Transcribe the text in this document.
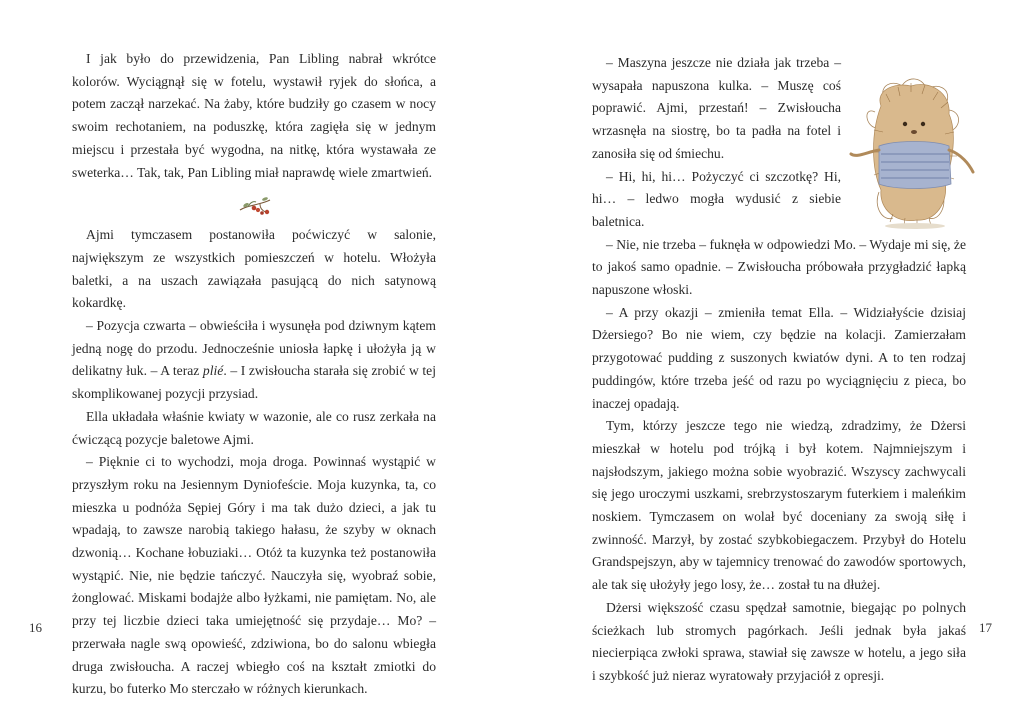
I jak było do przewidzenia, Pan Libling nabrał wkrótce kolorów. Wyciągnął się w fotelu, wystawił ryjek do słońca, a potem zaczął narzekać. Na żaby, które budziły go czasem w nocy swoim rechotaniem, na poduszkę, która zagięła się w jednym miejscu i przestała być wygodna, na nitkę, która wystawała ze sweterka… Tak, tak, Pan Libling miał naprawdę wiele zmartwień.

Ajmi tymczasem postanowiła poćwiczyć w salonie, największym ze wszystkich pomieszczeń w hotelu. Włożyła baletki, a na uszach zawiązała pasującą do nich satynową kokardkę.

– Pozycja czwarta – obwieściła i wysunęła pod dziwnym kątem jedną nogę do przodu. Jednocześnie uniosła łapkę i ułożyła ją w delikatny łuk. – A teraz plié. – I zwisłoucha starała się zrobić w tej skomplikowanej pozycji przysiad.

Ella układała właśnie kwiaty w wazonie, ale co rusz zerkała na ćwiczącą pozycje baletowe Ajmi.

– Pięknie ci to wychodzi, moja droga. Powinnaś wystąpić w przyszłym roku na Jesiennym Dyniofeście. Moja kuzynka, ta, co mieszka u podnóża Sępiej Góry i ma tak dużo dzieci, a jak tu wpadają, to zawsze narobią takiego hałasu, że szyby w oknach dzwonią… Kochane łobuziaki… Otóż ta kuzynka też postanowiła wystąpić. Nie, nie będzie tańczyć. Nauczyła się, wyobraź sobie, żonglować. Miskami bodajże albo łyżkami, nie pamiętam. No, ale przy tej liczbie dzieci taka umiejętność się przydaje… Mo? – przerwała nagle swą opowieść, zdziwiona, bo do salonu wbiegła druga zwisłoucha. A raczej wbiegło coś na kształt zmiotki do kurzu, bo futerko Mo sterczało w różnych kierunkach.

16

– Maszyna jeszcze nie działa jak trzeba – wysapała napuszona kulka. – Muszę coś poprawić. Ajmi, przestań! – Zwisłoucha wrzasnęła na siostrę, bo ta padła na fotel i zanosiła się od śmiechu.

– Hi, hi, hi… Pożyczyć ci szczotkę? Hi, hi… – ledwo mogła wydusić z siebie baletnica.

– Nie, nie trzeba – fuknęła w odpowiedzi Mo. – Wydaje mi się, że to jakoś samo opadnie. – Zwisłoucha próbowała przygładzić łapką napuszone włoski.

– A przy okazji – zmieniła temat Ella. – Widziałyście dzisiaj Dżersiego? Bo nie wiem, czy będzie na kolacji. Zamierzałam przygotować pudding z suszonych kwiatów dyni. A to ten rodzaj puddingów, które trzeba jeść od razu po wyciągnięciu z pieca, bo inaczej opadają.

Tym, którzy jeszcze tego nie wiedzą, zdradzimy, że Dżersi mieszkał w hotelu pod trójką i był kotem. Najmniejszym i najsłodszym, jakiego można sobie wyobrazić. Wszyscy zachwycali się jego uroczymi uszkami, srebrzystoszarym futerkiem i maleńkim noskiem. Tymczasem on wolał być doceniany za swoją siłę i zwinność. Marzył, by zostać szybkobiegaczem. Przybył do Hotelu Grandspejszyn, aby w tajemnicy trenować do zawodów sportowych, ale tak się ułożyły jego losy, że… został tu na dłużej.

Dżersi większość czasu spędzał samotnie, biegając po polnych ścieżkach lub stromych pagórkach. Jeśli jednak była jakaś niecierpiąca zwłoki sprawa, stawiał się zawsze w hotelu, a jego siła i szybkość już nieraz wyratowały przyjaciół z opresji.

17
